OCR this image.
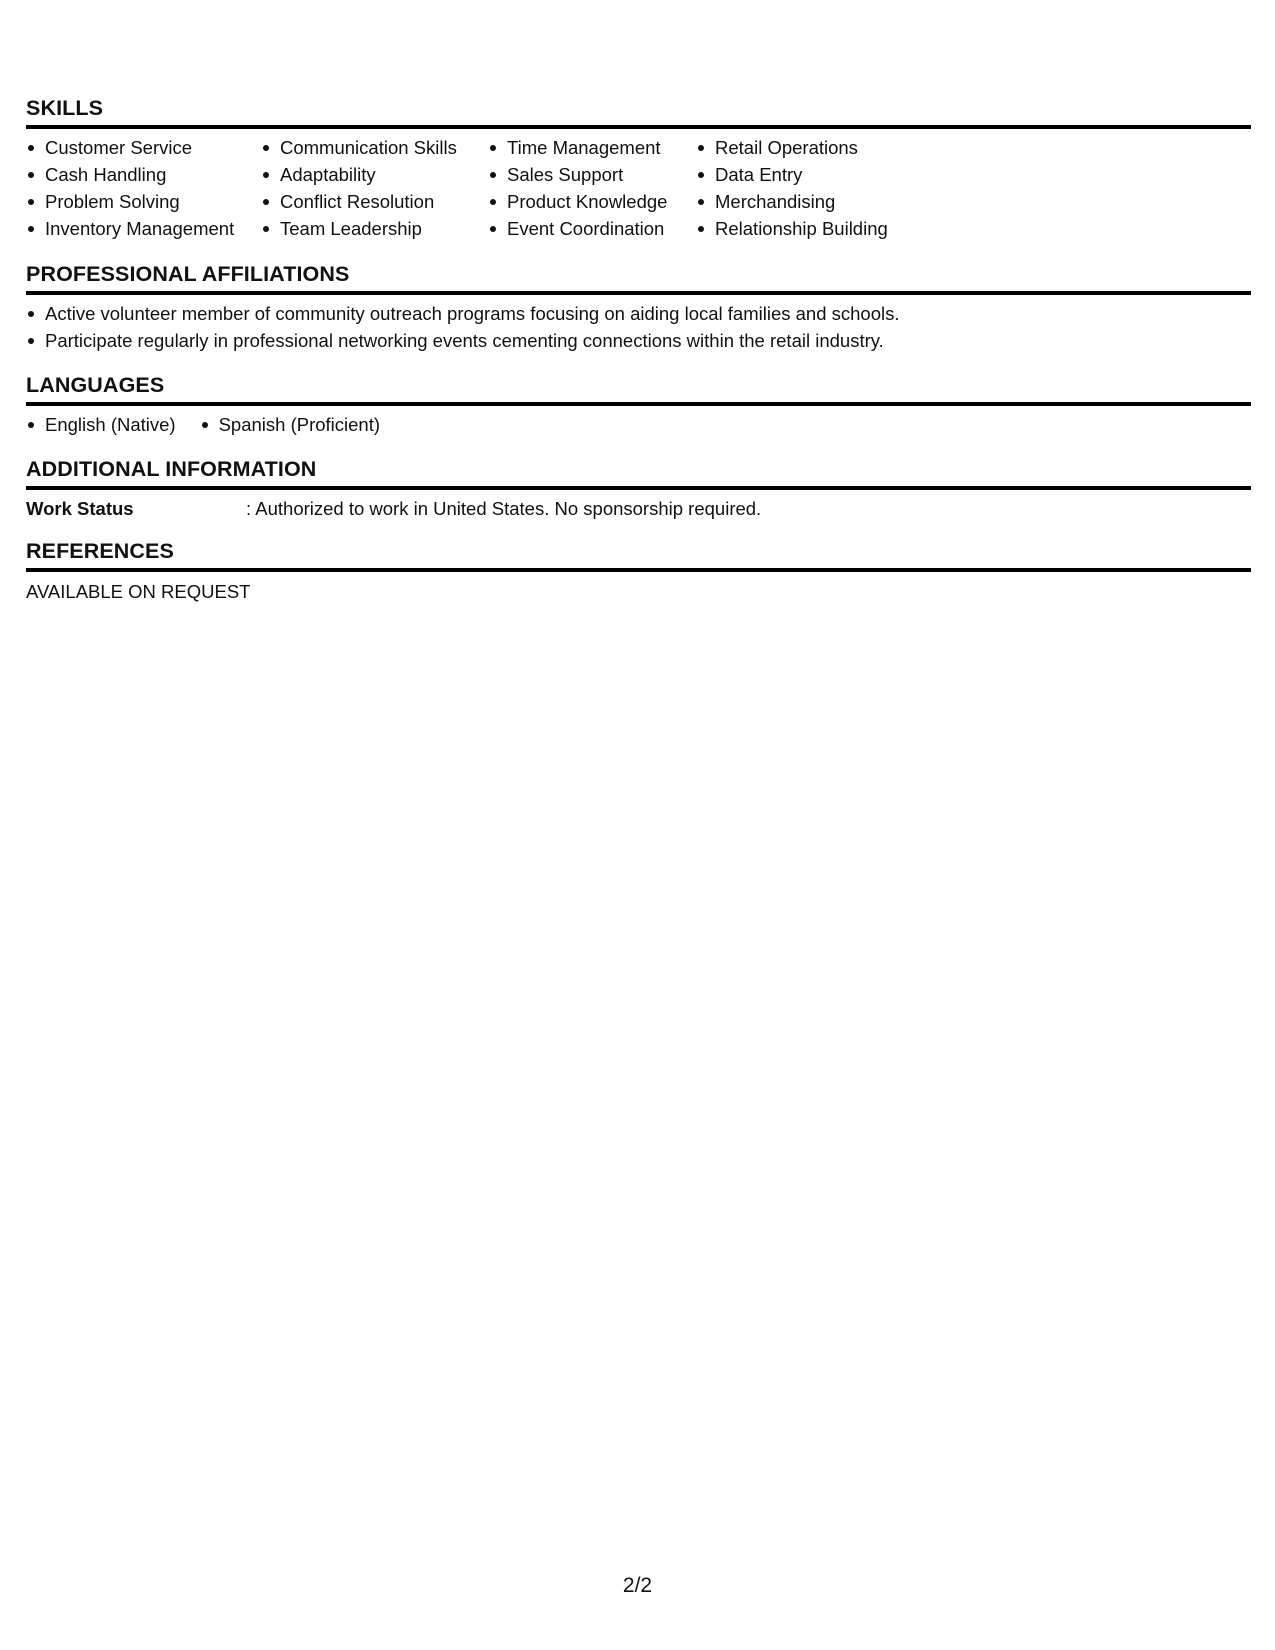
SKILLS
Customer Service
Cash Handling
Problem Solving
Inventory Management
Communication Skills
Adaptability
Conflict Resolution
Team Leadership
Time Management
Sales Support
Product Knowledge
Event Coordination
Retail Operations
Data Entry
Merchandising
Relationship Building
PROFESSIONAL AFFILIATIONS
Active volunteer member of community outreach programs focusing on aiding local families and schools.
Participate regularly in professional networking events cementing connections within the retail industry.
LANGUAGES
English (Native)	Spanish (Proficient)
ADDITIONAL INFORMATION
Work Status	: Authorized to work in United States. No sponsorship required.
REFERENCES
AVAILABLE ON REQUEST
2/2
